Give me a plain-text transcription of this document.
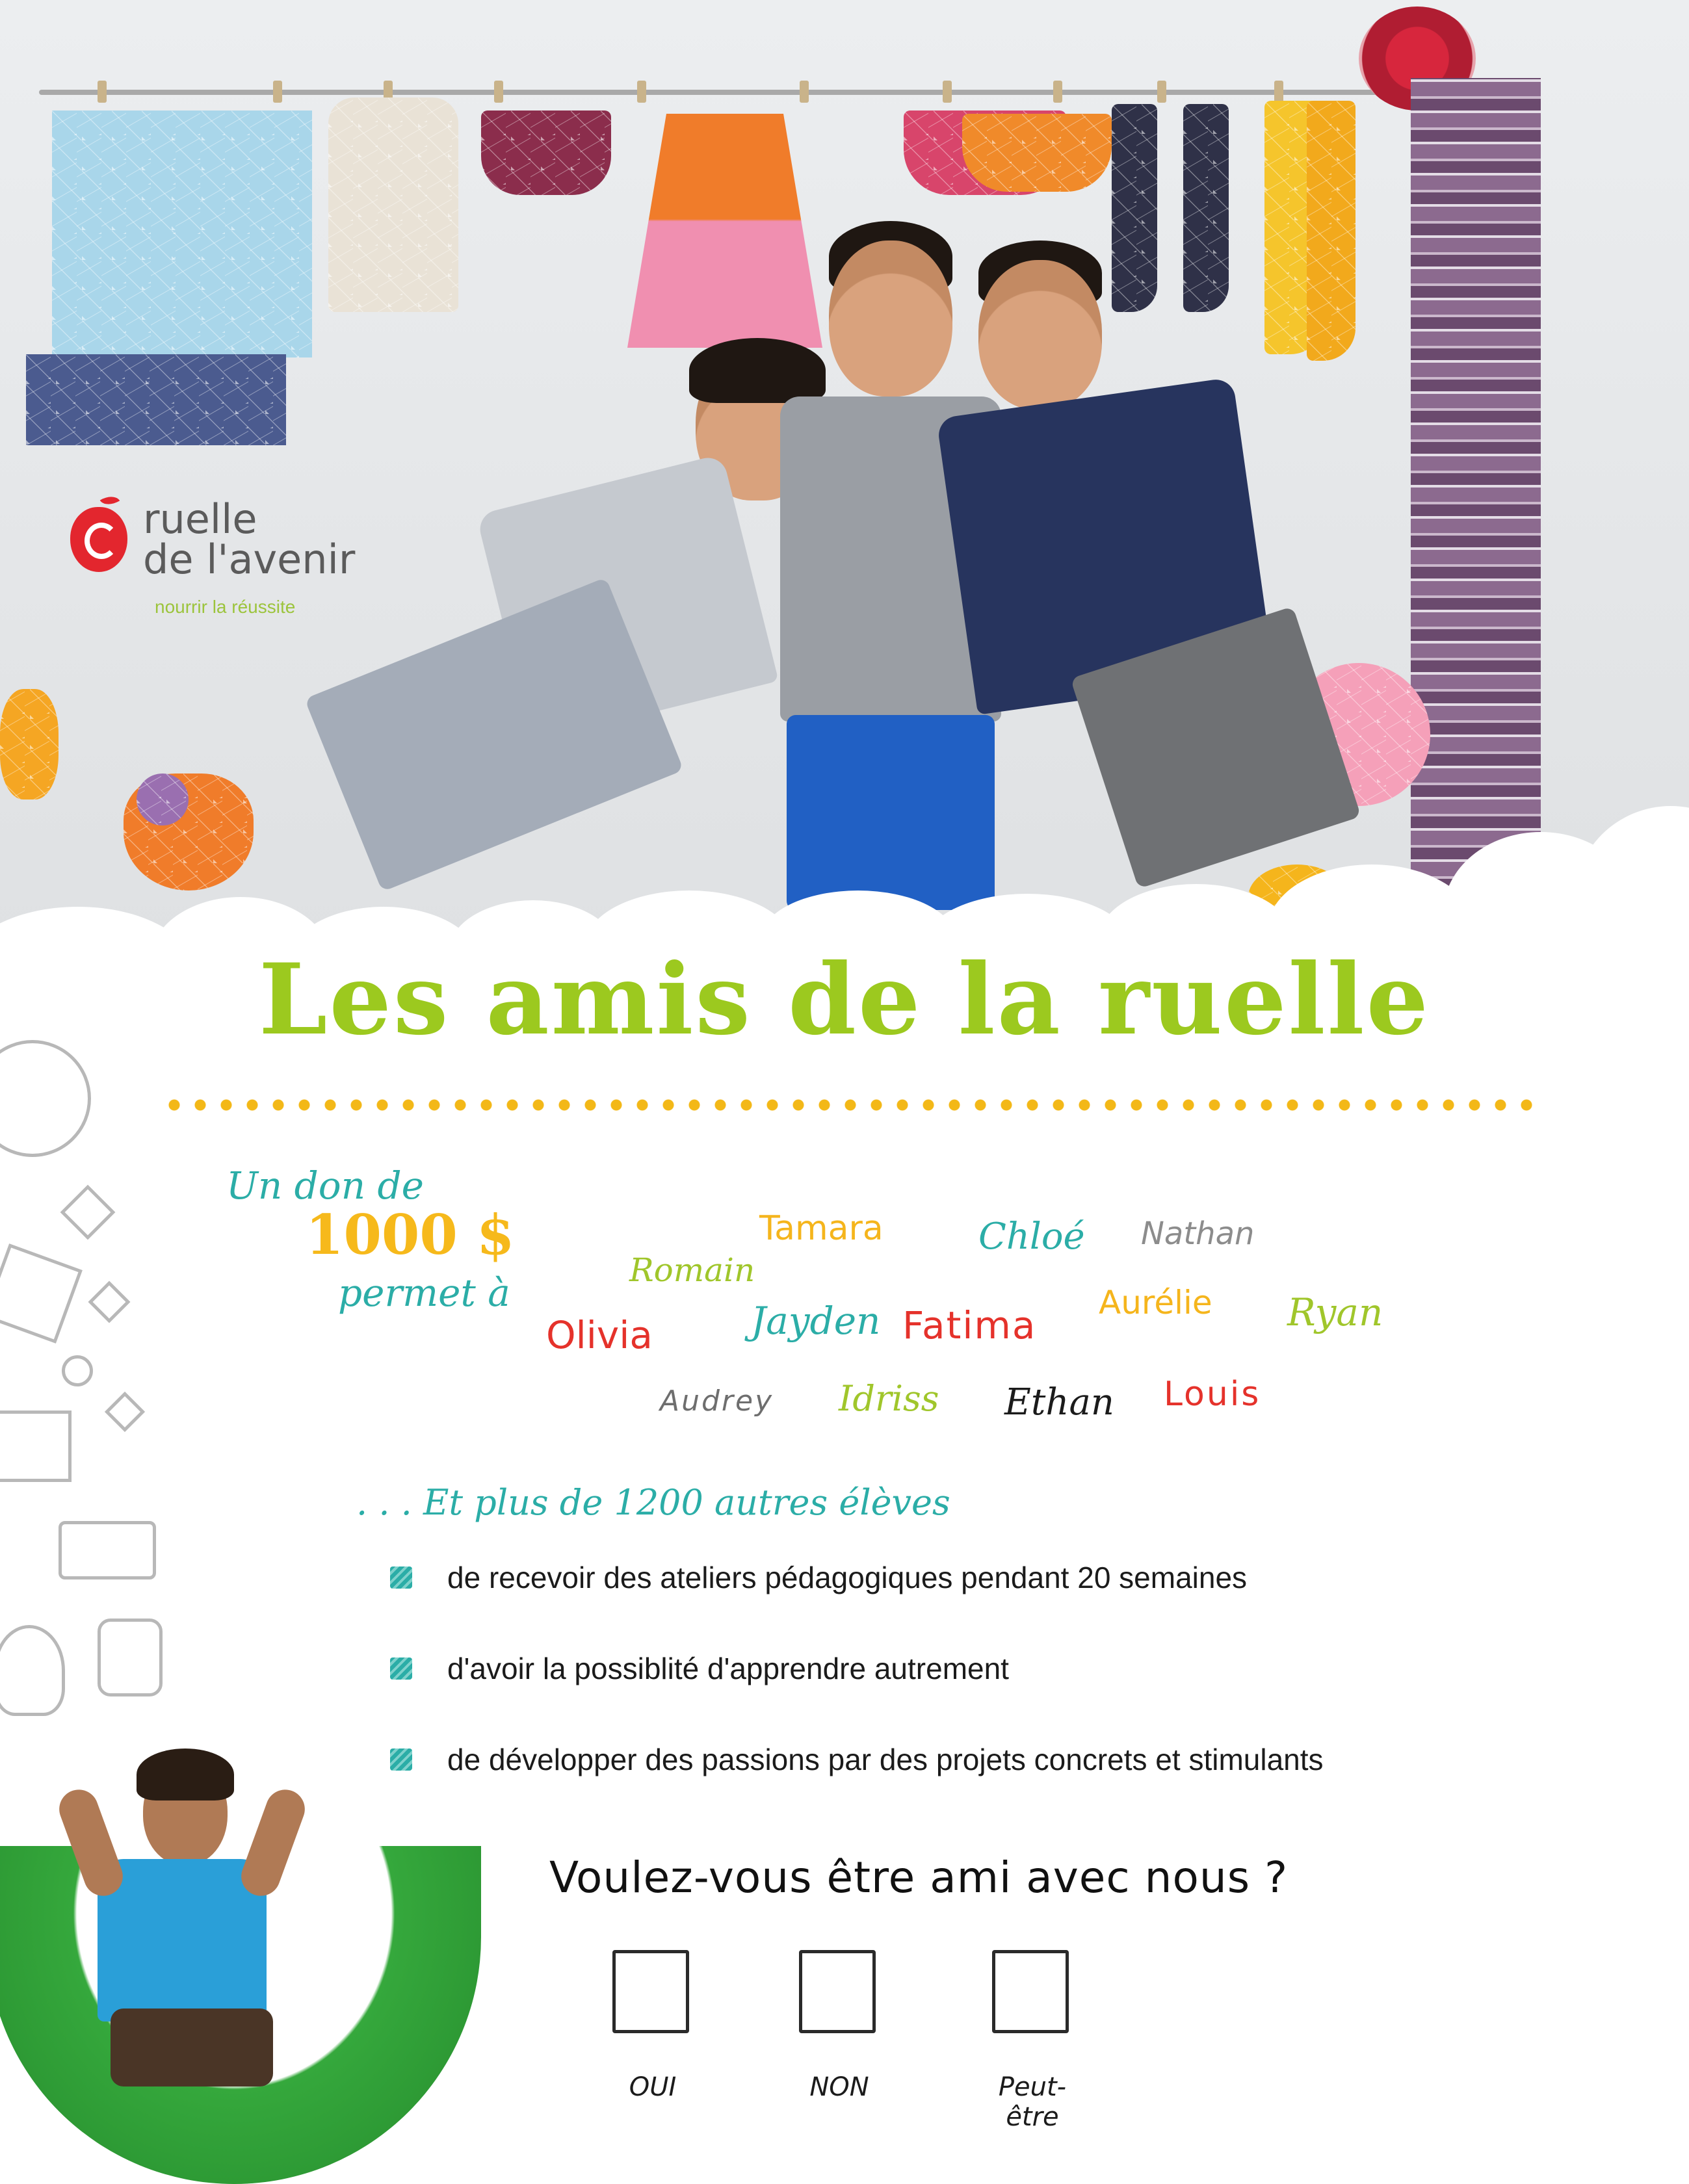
ruelle
de l'avenir
nourrir la réussite
Les amis de la ruelle
Un don de
1000 $
permet à
Tamara	Chloé Nathan
Romain
Olivia	Jayden Fatima
Aurélie Ryan
Audrey Idriss Ethan Louis
. . . Et plus de 1200 autres élèves
de recevoir des ateliers pédagogiques pendant 20 semaines
d'avoir la possiblité d'apprendre autrement
de développer des passions par des projets concrets et stimulants
Voulez-vous être ami avec nous ?
OUI	NON	Peut-être
